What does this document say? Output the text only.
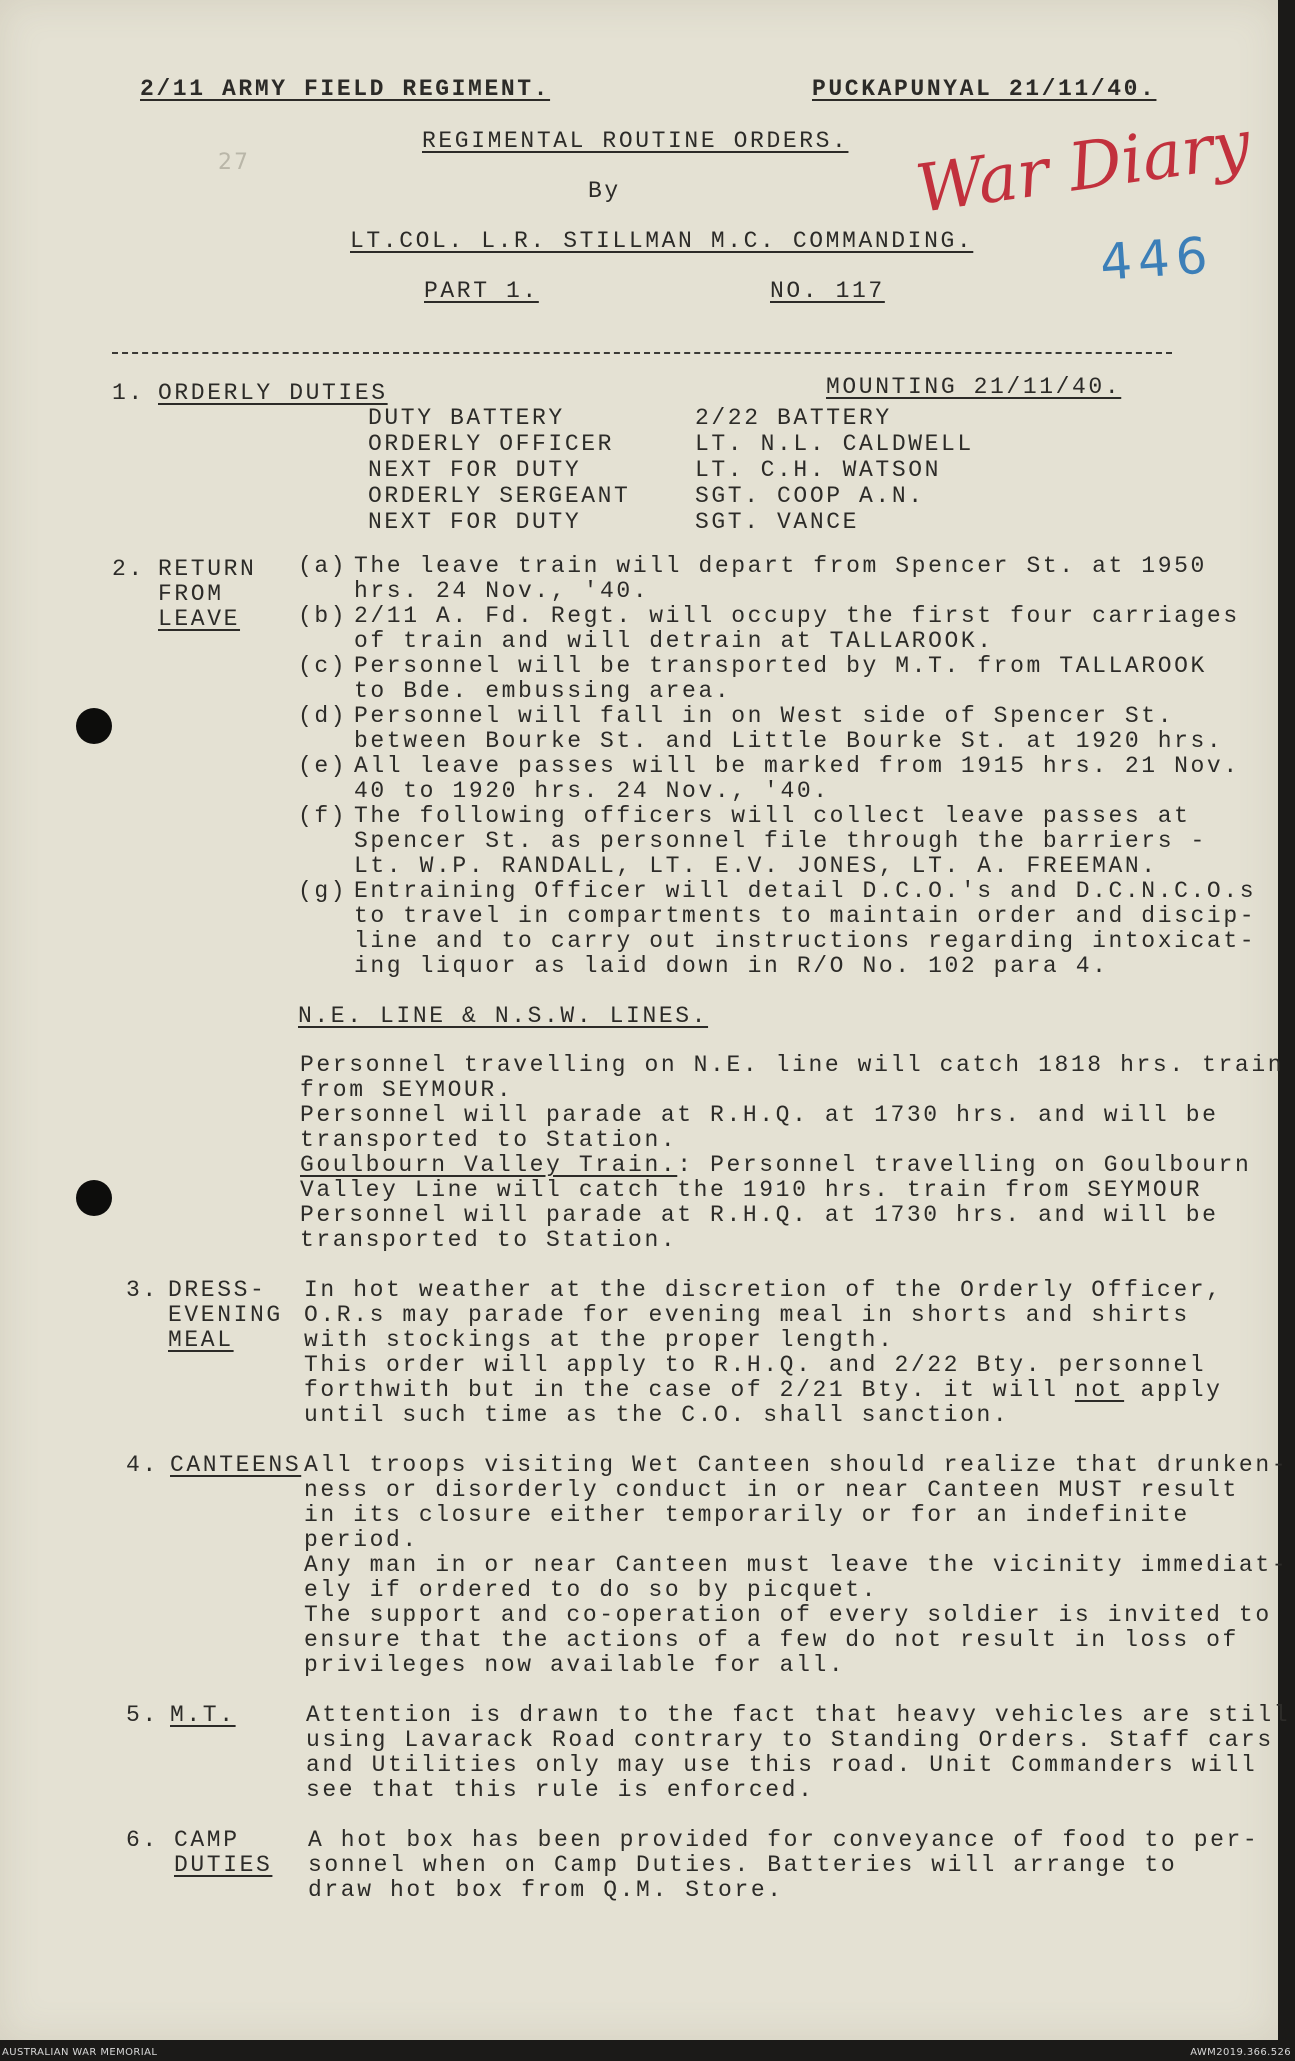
2/11 ARMY FIELD REGIMENT.	PUCKAPUNYAL 21/11/40.
REGIMENTAL ROUTINE ORDERS.
By
LT.COL. L.R. STILLMAN M.C. COMMANDING.
PART 1.	NO. 117
27	War Diary
446
1. ORDERLY DUTIES	MOUNTING 21/11/40.
DUTY BATTERY	2/22 BATTERY
ORDERLY OFFICER	LT. N.L. CALDWELL
NEXT FOR DUTY	LT. C.H. WATSON
ORDERLY SERGEANT	SGT. COOP A.N.
NEXT FOR DUTY	SGT. VANCE
2. RETURN
FROM
LEAVE
(a) The leave train will depart from Spencer St. at 1950
hrs. 24 Nov., '40.
(b) 2/11 A. Fd. Regt. will occupy the first four carriages
of train and will detrain at TALLAROOK.
(c) Personnel will be transported by M.T. from TALLAROOK
to Bde. embussing area.
(d) Personnel will fall in on West side of Spencer St.
between Bourke St. and Little Bourke St. at 1920 hrs.
(e) All leave passes will be marked from 1915 hrs. 21 Nov.
40 to 1920 hrs. 24 Nov., '40.
(f) The following officers will collect leave passes at
Spencer St. as personnel file through the barriers -
Lt. W.P. RANDALL, LT. E.V. JONES, LT. A. FREEMAN.
(g) Entraining Officer will detail D.C.O.'s and D.C.N.C.O.s
to travel in compartments to maintain order and discip-
line and to carry out instructions regarding intoxicat-
ing liquor as laid down in R/O No. 102 para 4.
N.E. LINE & N.S.W. LINES.
Personnel travelling on N.E. line will catch 1818 hrs. train
from SEYMOUR.
Personnel will parade at R.H.Q. at 1730 hrs. and will be
transported to Station.
Goulbourn Valley Train.: Personnel travelling on Goulbourn
Valley Line will catch the 1910 hrs. train from SEYMOUR
Personnel will parade at R.H.Q. at 1730 hrs. and will be
transported to Station.
3. DRESS-
EVENING
MEAL
In hot weather at the discretion of the Orderly Officer,
O.R.s may parade for evening meal in shorts and shirts
with stockings at the proper length.
This order will apply to R.H.Q. and 2/22 Bty. personnel
forthwith but in the case of 2/21 Bty. it will not apply
until such time as the C.O. shall sanction.
4. CANTEENS All troops visiting Wet Canteen should realize that drunken-
ness or disorderly conduct in or near Canteen MUST result
in its closure either temporarily or for an indefinite
period.
Any man in or near Canteen must leave the vicinity immediat-
ely if ordered to do so by picquet.
The support and co-operation of every soldier is invited to
ensure that the actions of a few do not result in loss of
privileges now available for all.
5. M.T.	Attention is drawn to the fact that heavy vehicles are still
using Lavarack Road contrary to Standing Orders. Staff cars
and Utilities only may use this road. Unit Commanders will
see that this rule is enforced.
6. CAMP
DUTIES
A hot box has been provided for conveyance of food to per-
sonnel when on Camp Duties. Batteries will arrange to
draw hot box from Q.M. Store.
AUSTRALIAN WAR MEMORIAL	AWM2019.366.526
